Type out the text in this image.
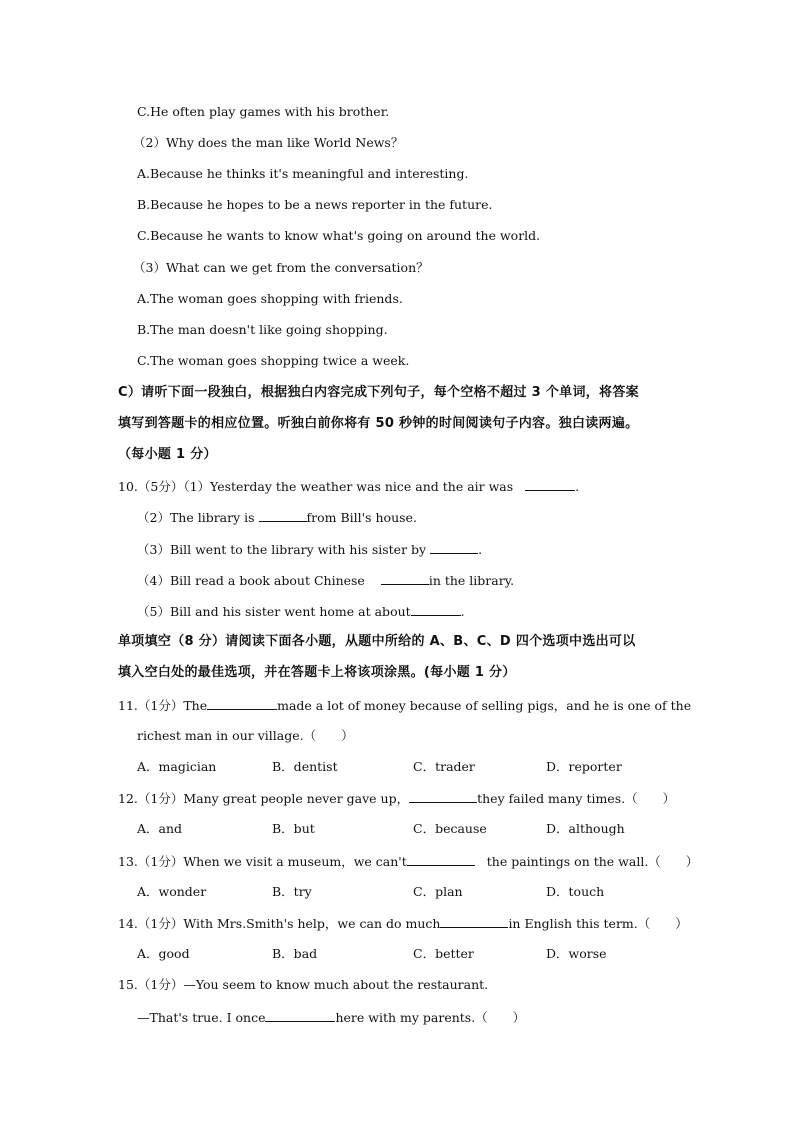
C.He often play games with his brother.
（2）Why does the man like World News？
A.Because he thinks it's meaningful and interesting.
B.Because he hopes to be a news reporter in the future.
C.Because he wants to know what's going on around the world.
（3）What can we get from the conversation？
A.The woman goes shopping with friends.
B.The man doesn't like going shopping.
C.The woman goes shopping twice a week.
C）请听下面一段独白，根据独白内容完成下列句子，每个空格不超过 3 个单词，将答案
填写到答题卡的相应位置。听独白前你将有 50 秒钟的时间阅读句子内容。独白读两遍。
（每小题 1 分）
10.（5分）（1）Yesterday the weather was nice and the air was	.
（2）The library is	from Bill's house.
（3）Bill went to the library with his sister by	.
（4）Bill read a book about Chinese	in the library.
（5）Bill and his sister went home at about	.
单项填空（8 分）请阅读下面各小题，从题中所给的 A、B、C、D 四个选项中选出可以
填入空白处的最佳选项，并在答题卡上将该项涂黑。(每小题 1 分）
11.（1分）The	made a lot of money because of selling pigs，and he is one of the
richest man in our village.（　　）
A．magician	B．dentist	C．trader	D．reporter
12.（1分）Many great people never gave up，	they failed many times.（　　）
A．and	B．but	C．because	D．although
13.（1分）When we visit a museum，we can't	the paintings on the wall.（　　）
A．wonder	B．try	C．plan	D．touch
14.（1分）With Mrs.Smith's help，we can do much	in English this term.（　　）
A．good	B．bad	C．better	D．worse
15.（1分）—You seem to know much about the restaurant.
—That's true. I once	here with my parents.（　　）
